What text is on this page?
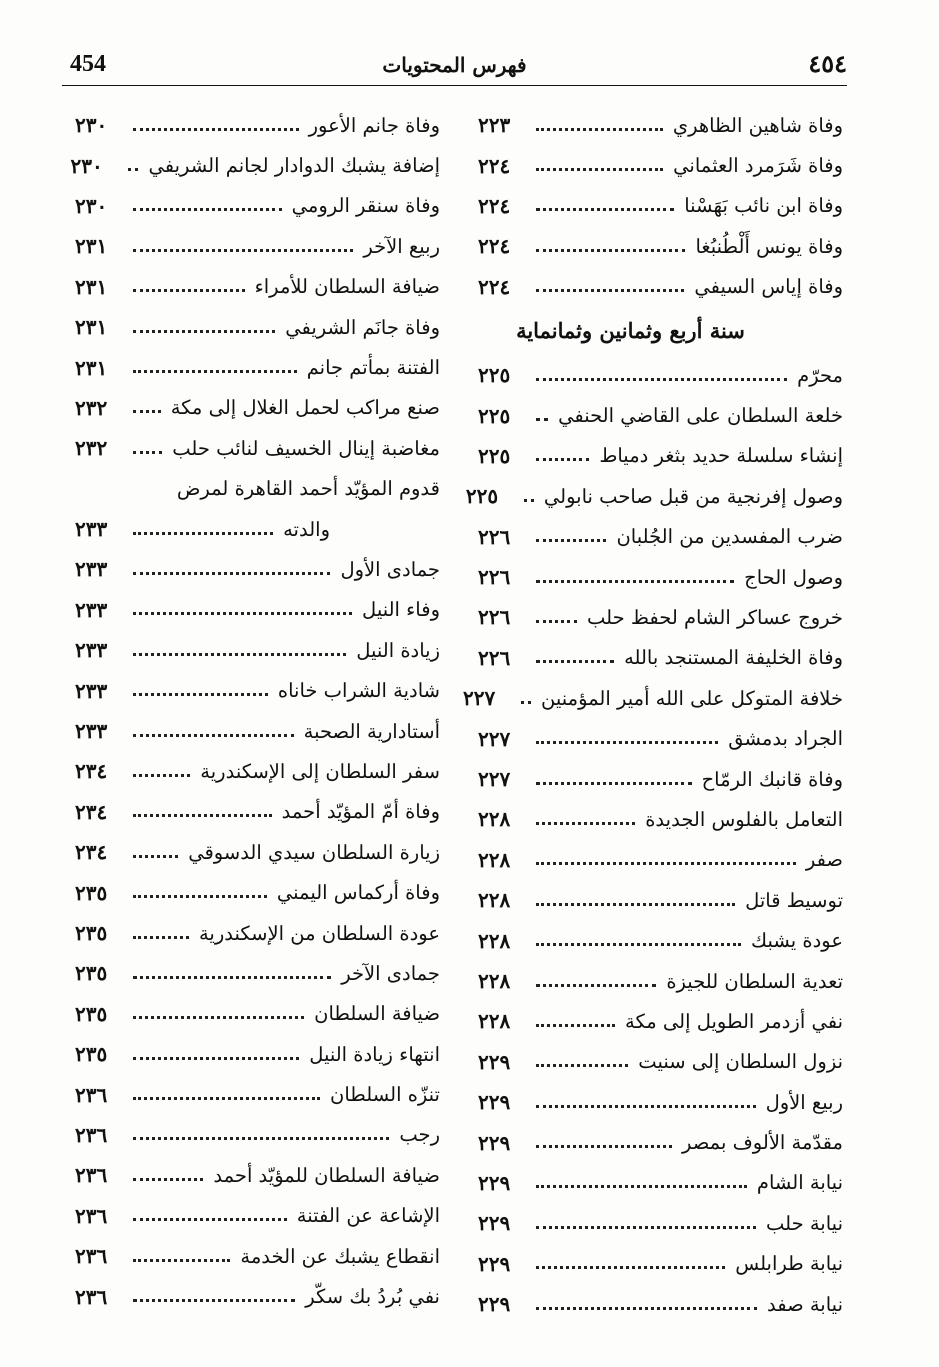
454	فهرس المحتويات	٤٥٤
وفاة شاهين الظاهري
٢٢٣
وفاة شَرَمرد العثماني
٢٢٤
وفاة ابن نائب بَهَسْنا
٢٢٤
وفاة يونس أَلْطُنبُغا
٢٢٤
وفاة إياس السيفي
٢٢٤
سنة أربع وثمانين وثمانماية
محرّم
٢٢٥
خلعة السلطان على القاضي الحنفي
٢٢٥
إنشاء سلسلة حديد بثغر دمياط
٢٢٥
وصول إفرنجية من قبل صاحب نابولي
٢٢٥
ضرب المفسدين من الجُلبان
٢٢٦
وصول الحاج
٢٢٦
خروج عساكر الشام لحفظ حلب
٢٢٦
وفاة الخليفة المستنجد بالله
٢٢٦
خلافة المتوكل على الله أمير المؤمنين
٢٢٧
الجراد بدمشق
٢٢٧
وفاة قانبك الرمّاح
٢٢٧
التعامل بالفلوس الجديدة
٢٢٨
صفر
٢٢٨
توسيط قاتل
٢٢٨
عودة يشبك
٢٢٨
تعدية السلطان للجيزة
٢٢٨
نفي أزدمر الطويل إلى مكة
٢٢٨
نزول السلطان إلى سنيت
٢٢٩
ربيع الأول
٢٢٩
مقدّمة الألوف بمصر
٢٢٩
نيابة الشام
٢٢٩
نيابة حلب
٢٢٩
نيابة طرابلس
٢٢٩
نيابة صفد
٢٢٩
وفاة جانم الأعور
٢٣٠
إضافة يشبك الدوادار لجانم الشريفي
٢٣٠
وفاة سنقر الرومي
٢٣٠
ربيع الآخر
٢٣١
ضيافة السلطان للأمراء
٢٣١
وفاة جانَم الشريفي
٢٣١
الفتنة بمأتم جانم
٢٣١
صنع مراكب لحمل الغلال إلى مكة
٢٣٢
مغاضبة إينال الخسيف لنائب حلب
٢٣٢
قدوم المؤيّد أحمد القاهرة لمرض
والدته
٢٣٣
جمادى الأول
٢٣٣
وفاء النيل
٢٣٣
زيادة النيل
٢٣٣
شادية الشراب خاناه
٢٣٣
أستادارية الصحبة
٢٣٣
سفر السلطان إلى الإسكندرية
٢٣٤
وفاة أمّ المؤيّد أحمد
٢٣٤
زيارة السلطان سيدي الدسوقي
٢٣٤
وفاة أركماس اليمني
٢٣٥
عودة السلطان من الإسكندرية
٢٣٥
جمادى الآخر
٢٣٥
ضيافة السلطان
٢٣٥
انتهاء زيادة النيل
٢٣٥
تنزّه السلطان
٢٣٦
رجب
٢٣٦
ضيافة السلطان للمؤيّد أحمد
٢٣٦
الإشاعة عن الفتنة
٢٣٦
انقطاع يشبك عن الخدمة
٢٣٦
نفي بُردُ بك سكّر
٢٣٦
